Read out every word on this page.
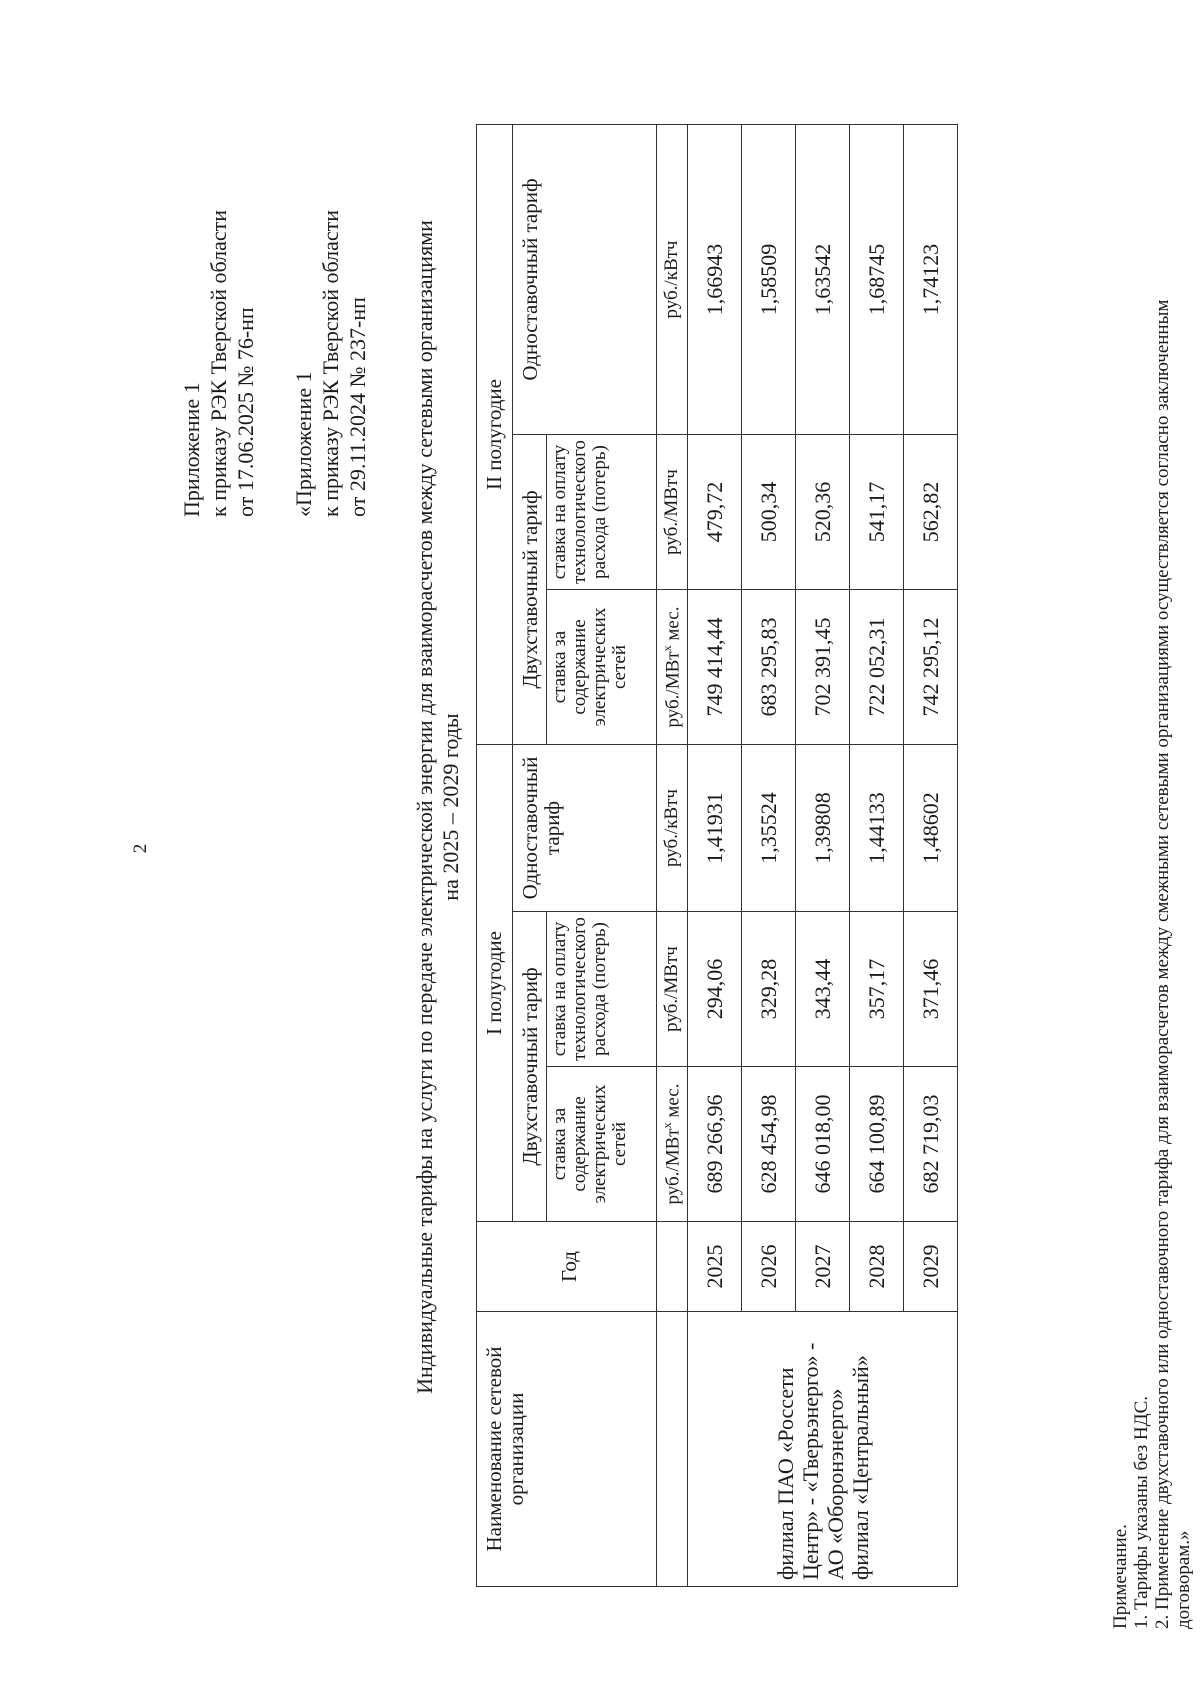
2
Приложение 1 к приказу РЭК Тверской области от 17.06.2025 № 76-нп «Приложение 1 к приказу РЭК Тверской области от 29.11.2024 № 237-нп Индивидуальные тарифы на услуги по передаче электрической энергии для взаиморасчетов между сетевыми организациями на 2025 – 2029 годы
Наименование сетевой организации	Год	I полугодие			II полугодие		
		Двухставочный тариф		Одноставочный тариф	Двухставочный тариф		Одноставочный тариф
		ставка за содержание электрических сетей	ставка на оплату технологического расхода (потерь)		ставка за содержание электрических сетей	ставка на оплату технологического расхода (потерь)	
		руб./МВт$^х$ мес.	руб./МВтч	руб./кВтч	руб./МВт$^х$ мес.	руб./МВтч	руб./кВтч
филиал ПАО «Россети Центр» - «Тверьэнерго» - АО «Оборонэнерго» филиал «Центральный»	2025	689 266,96	294,06	1,41931	749 414,44	479,72	1,66943
	2026	628 454,98	329,28	1,35524	683 295,83	500,34	1,58509
	2027	646 018,00	343,44	1,39808	702 391,45	520,36	1,63542
	2028	664 100,89	357,17	1,44133	722 052,31	541,17	1,68745
	2029	682 719,03	371,46	1,48602	742 295,12	562,82	1,74123
Примечание. 1. Тарифы указаны без НДС. 2. Применение двухставочного или одноставочного тарифа для взаиморасчетов между смежными сетевыми организациями осуществляется согласно заключенным договорам.»
